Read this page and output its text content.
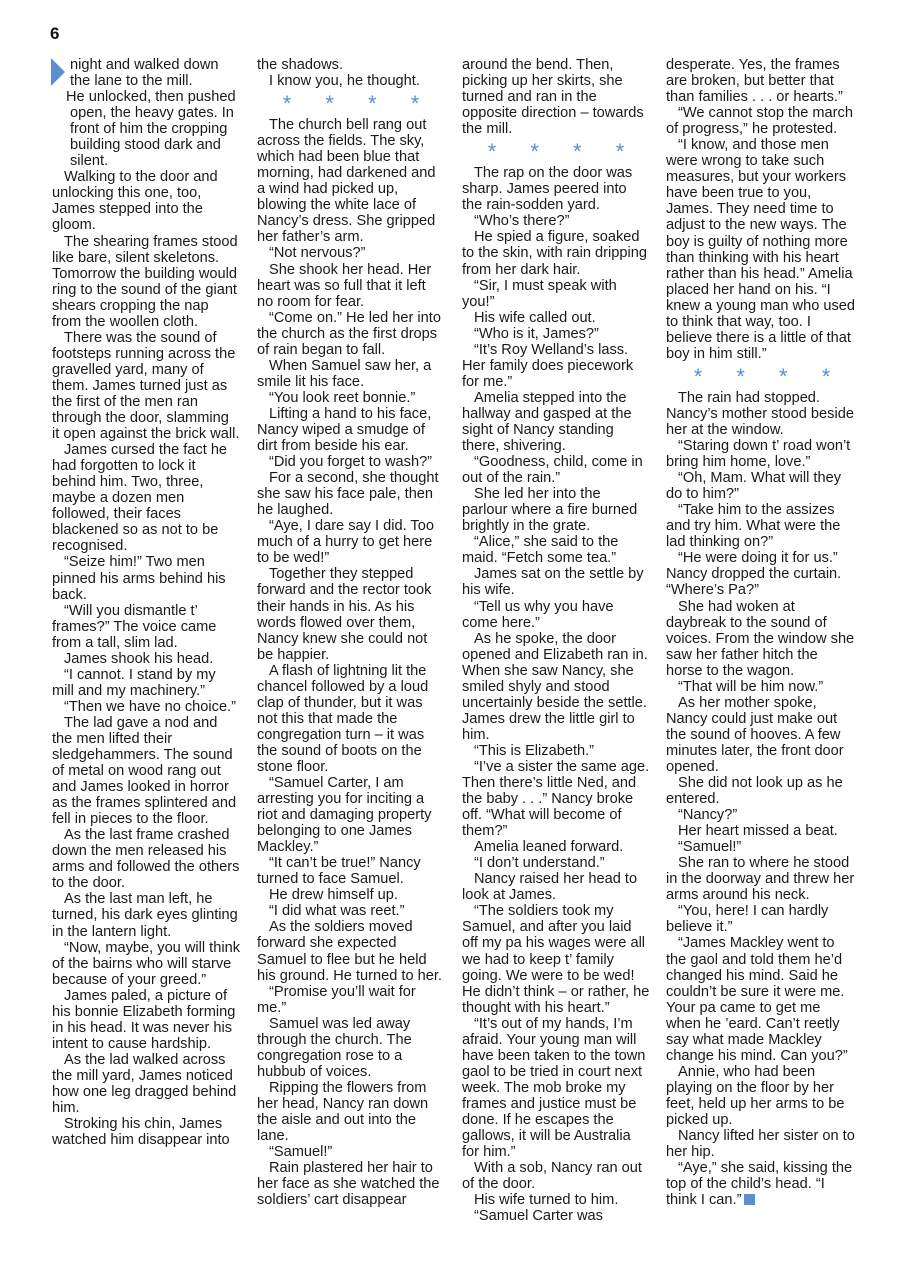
6

night and walked down the lane to the mill.

He unlocked, then pushed open, the heavy gates. In front of him the cropping building stood dark and silent.

Walking to the door and unlocking this one, too, James stepped into the gloom.

The shearing frames stood like bare, silent skeletons. Tomorrow the building would ring to the sound of the giant shears cropping the nap from the woollen cloth.

There was the sound of footsteps running across the gravelled yard, many of them. James turned just as the first of the men ran through the door, slamming it open against the brick wall.

James cursed the fact he had forgotten to lock it behind him. Two, three, maybe a dozen men followed, their faces blackened so as not to be recognised.

“Seize him!” Two men pinned his arms behind his back.

“Will you dismantle t’ frames?” The voice came from a tall, slim lad.

James shook his head.

“I cannot. I stand by my mill and my machinery.”

“Then we have no choice.”

The lad gave a nod and the men lifted their sledgehammers. The sound of metal on wood rang out and James looked in horror as the frames splintered and fell in pieces to the floor.

As the last frame crashed down the men released his arms and followed the others to the door.

As the last man left, he turned, his dark eyes glinting in the lantern light.

“Now, maybe, you will think of the bairns who will starve because of your greed.”

James paled, a picture of his bonnie Elizabeth forming in his head. It was never his intent to cause hardship.

As the lad walked across the mill yard, James noticed how one leg dragged behind him.

Stroking his chin, James watched him disappear into

the shadows.

I know you, he thought.

* * * *

The church bell rang out across the fields. The sky, which had been blue that morning, had darkened and a wind had picked up, blowing the white lace of Nancy’s dress. She gripped her father’s arm.

“Not nervous?”

She shook her head. Her heart was so full that it left no room for fear.

“Come on.” He led her into the church as the first drops of rain began to fall.

When Samuel saw her, a smile lit his face.

“You look reet bonnie.”

Lifting a hand to his face, Nancy wiped a smudge of dirt from beside his ear.

“Did you forget to wash?”

For a second, she thought she saw his face pale, then he laughed.

“Aye, I dare say I did. Too much of a hurry to get here to be wed!”

Together they stepped forward and the rector took their hands in his. As his words flowed over them, Nancy knew she could not be happier.

A flash of lightning lit the chancel followed by a loud clap of thunder, but it was not this that made the congregation turn – it was the sound of boots on the stone floor.

“Samuel Carter, I am arresting you for inciting a riot and damaging property belonging to one James Mackley.”

“It can’t be true!” Nancy turned to face Samuel.

He drew himself up.

“I did what was reet.”

As the soldiers moved forward she expected Samuel to flee but he held his ground. He turned to her.

“Promise you’ll wait for me.”

Samuel was led away through the church. The congregation rose to a hubbub of voices.

Ripping the flowers from her head, Nancy ran down the aisle and out into the lane.

“Samuel!”

Rain plastered her hair to her face as she watched the soldiers’ cart disappear

around the bend. Then, picking up her skirts, she turned and ran in the opposite direction – towards the mill.

* * * *

The rap on the door was sharp. James peered into the rain-sodden yard.

“Who’s there?”

He spied a figure, soaked to the skin, with rain dripping from her dark hair.

“Sir, I must speak with you!”

His wife called out.

“Who is it, James?”

“It’s Roy Welland’s lass. Her family does piecework for me.”

Amelia stepped into the hallway and gasped at the sight of Nancy standing there, shivering.

“Goodness, child, come in out of the rain.”

She led her into the parlour where a fire burned brightly in the grate.

“Alice,” she said to the maid. “Fetch some tea.”

James sat on the settle by his wife.

“Tell us why you have come here.”

As he spoke, the door opened and Elizabeth ran in. When she saw Nancy, she smiled shyly and stood uncertainly beside the settle. James drew the little girl to him.

“This is Elizabeth.”

“I’ve a sister the same age. Then there’s little Ned, and the baby . . .” Nancy broke off. “What will become of them?”

Amelia leaned forward.

“I don’t understand.”

Nancy raised her head to look at James.

“The soldiers took my Samuel, and after you laid off my pa his wages were all we had to keep t’ family going. We were to be wed! He didn’t think – or rather, he thought with his heart.”

“It’s out of my hands, I’m afraid. Your young man will have been taken to the town gaol to be tried in court next week. The mob broke my frames and justice must be done. If he escapes the gallows, it will be Australia for him.”

With a sob, Nancy ran out of the door.

His wife turned to him.

“Samuel Carter was

desperate. Yes, the frames are broken, but better that than families . . . or hearts.”

“We cannot stop the march of progress,” he protested.

“I know, and those men were wrong to take such measures, but your workers have been true to you, James. They need time to adjust to the new ways. The boy is guilty of nothing more than thinking with his heart rather than his head.” Amelia placed her hand on his. “I knew a young man who used to think that way, too. I believe there is a little of that boy in him still.”

* * * *

The rain had stopped. Nancy’s mother stood beside her at the window.

“Staring down t’ road won’t bring him home, love.”

“Oh, Mam. What will they do to him?”

“Take him to the assizes and try him. What were the lad thinking on?”

“He were doing it for us.” Nancy dropped the curtain. “Where’s Pa?”

She had woken at daybreak to the sound of voices. From the window she saw her father hitch the horse to the wagon.

“That will be him now.”

As her mother spoke, Nancy could just make out the sound of hooves. A few minutes later, the front door opened.

She did not look up as he entered.

“Nancy?”

Her heart missed a beat.

“Samuel!”

She ran to where he stood in the doorway and threw her arms around his neck.

“You, here! I can hardly believe it.”

“James Mackley went to the gaol and told them he’d changed his mind. Said he couldn’t be sure it were me. Your pa came to get me when he ’eard. Can’t reetly say what made Mackley change his mind. Can you?”

Annie, who had been playing on the floor by her feet, held up her arms to be picked up.

Nancy lifted her sister on to her hip.

“Aye,” she said, kissing the top of the child’s head. “I think I can.”
